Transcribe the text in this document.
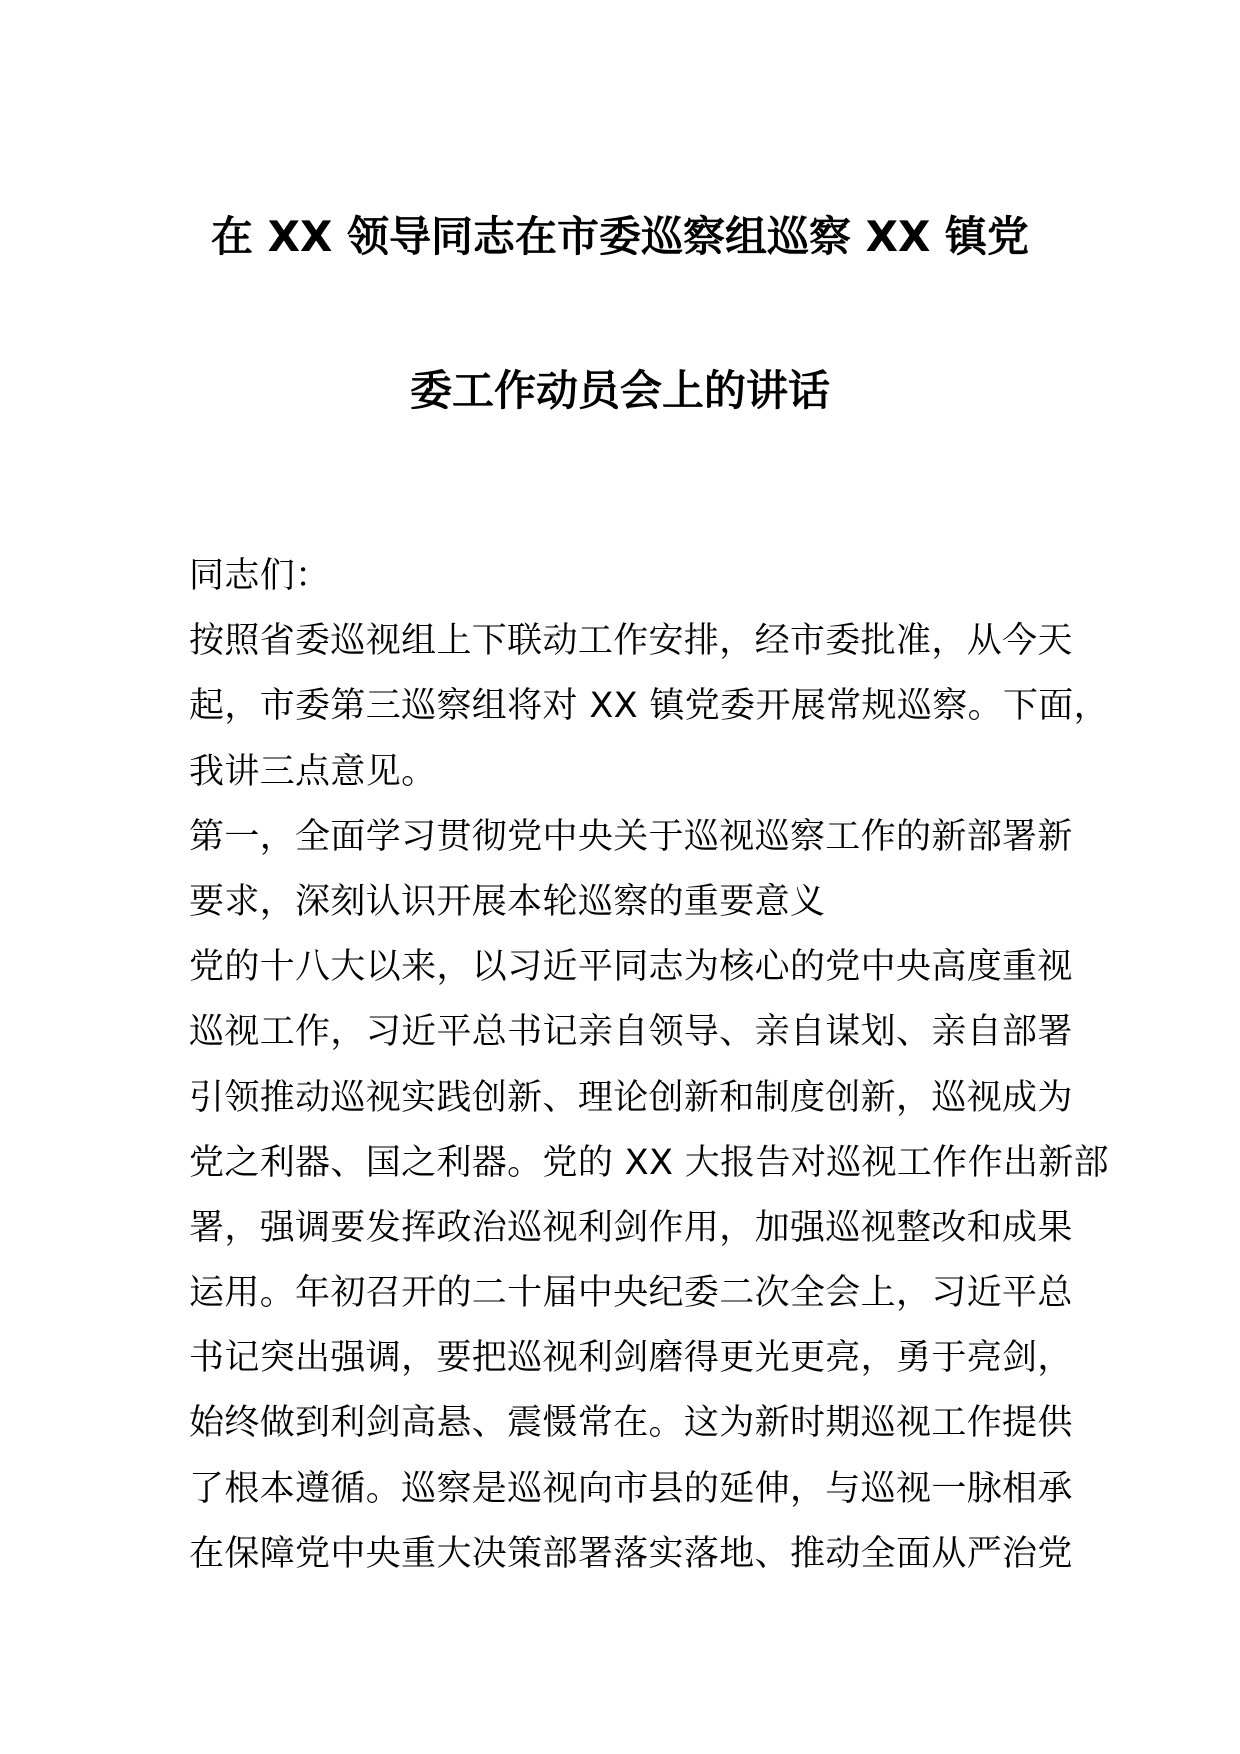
在 XX 领导同志在市委巡察组巡察 XX 镇党
委工作动员会上的讲话
同志们：
按照省委巡视组上下联动工作安排，经市委批准，从今天
起，市委第三巡察组将对 XX 镇党委开展常规巡察。下面，
我讲三点意见。
第一，全面学习贯彻党中央关于巡视巡察工作的新部署新
要求，深刻认识开展本轮巡察的重要意义
党的十八大以来，以习近平同志为核心的党中央高度重视
巡视工作，习近平总书记亲自领导、亲自谋划、亲自部署
引领推动巡视实践创新、理论创新和制度创新，巡视成为
党之利器、国之利器。党的 XX 大报告对巡视工作作出新部
署，强调要发挥政治巡视利剑作用，加强巡视整改和成果
运用。年初召开的二十届中央纪委二次全会上，习近平总
书记突出强调，要把巡视利剑磨得更光更亮，勇于亮剑，
始终做到利剑高悬、震慑常在。这为新时期巡视工作提供
了根本遵循。巡察是巡视向市县的延伸，与巡视一脉相承
在保障党中央重大决策部署落实落地、推动全面从严治党
